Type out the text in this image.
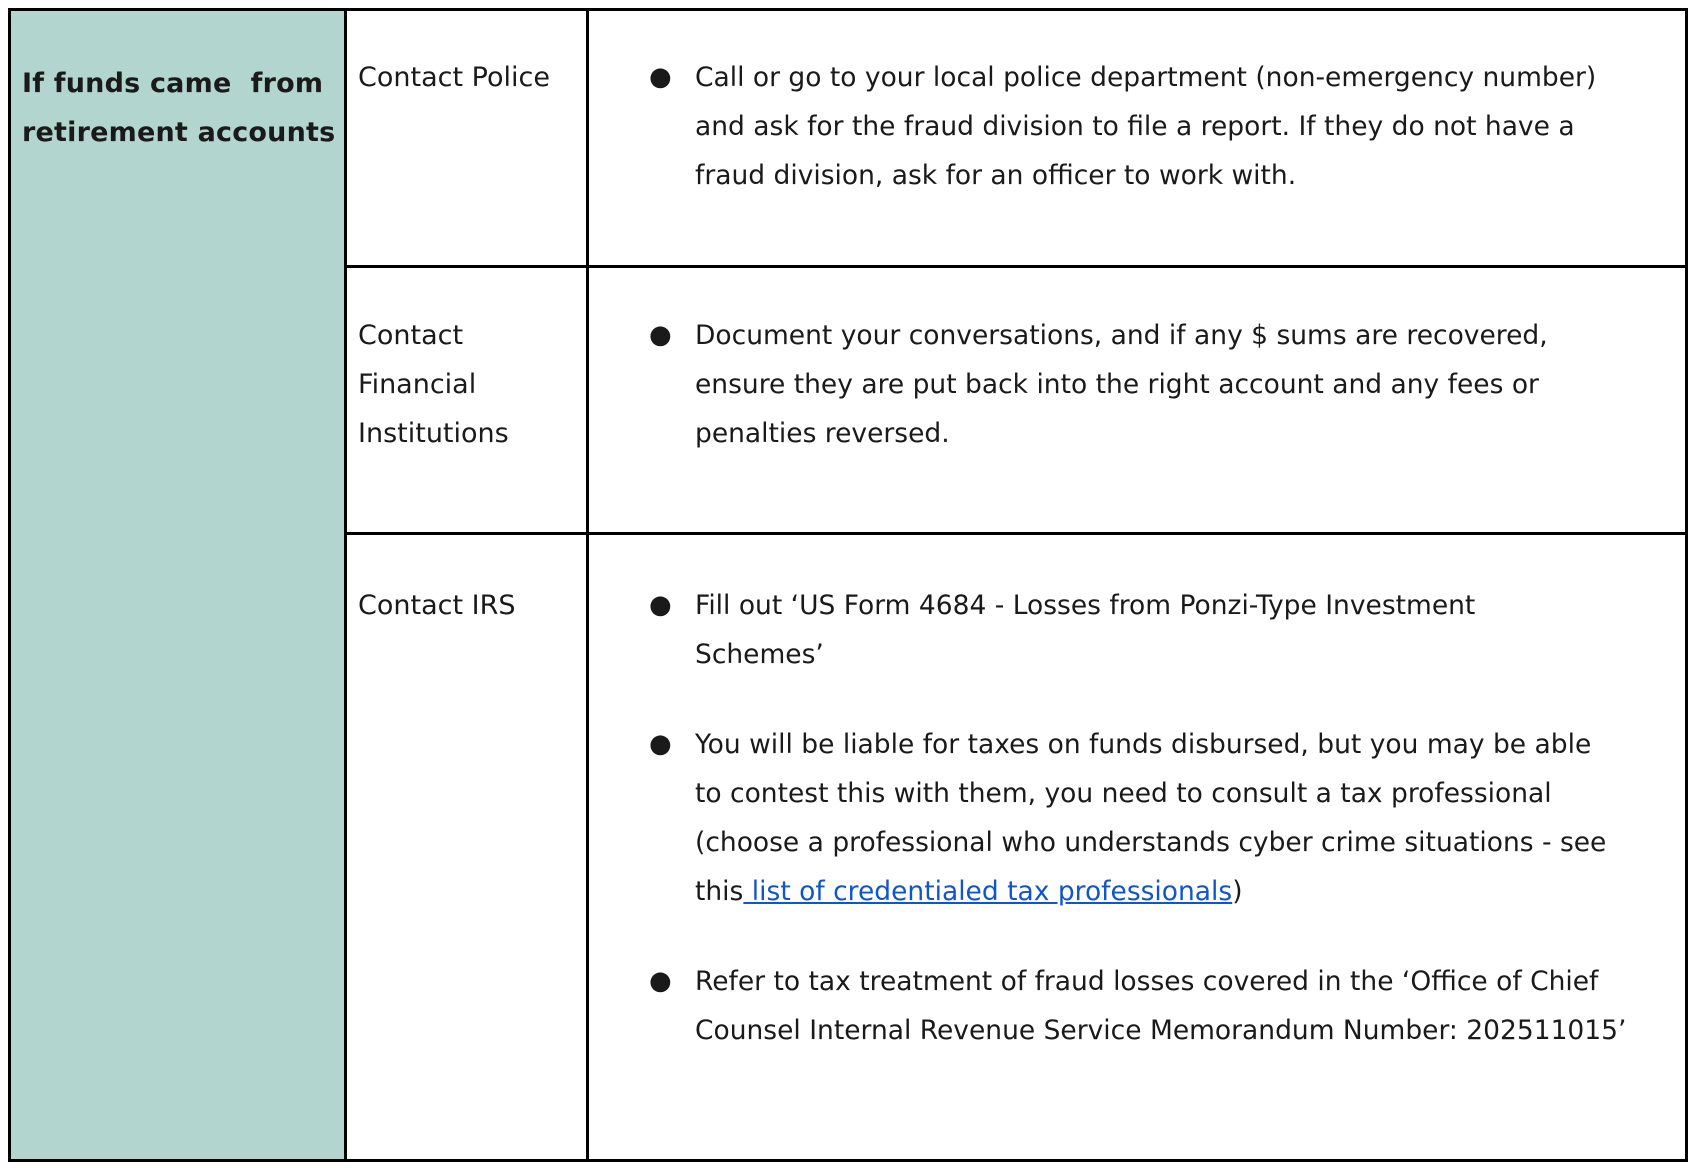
If funds came  from
retirement accounts
Contact Police	● Call or go to your local police department (non-emergency number)
and ask for the fraud division to file a report. If they do not have a
fraud division, ask for an officer to work with.
Contact
Financial
Institutions
● Document your conversations, and if any $ sums are recovered,
ensure they are put back into the right account and any fees or
penalties reversed.
Contact IRS	● Fill out ‘US Form 4684 - Losses from Ponzi-Type Investment
Schemes’
● You will be liable for taxes on funds disbursed, but you may be able
to contest this with them, you need to consult a tax professional
(choose a professional who understands cyber crime situations - see
this list of credentialed tax professionals)
● Refer to tax treatment of fraud losses covered in the ‘Office of Chief
Counsel Internal Revenue Service Memorandum Number: 202511015’
